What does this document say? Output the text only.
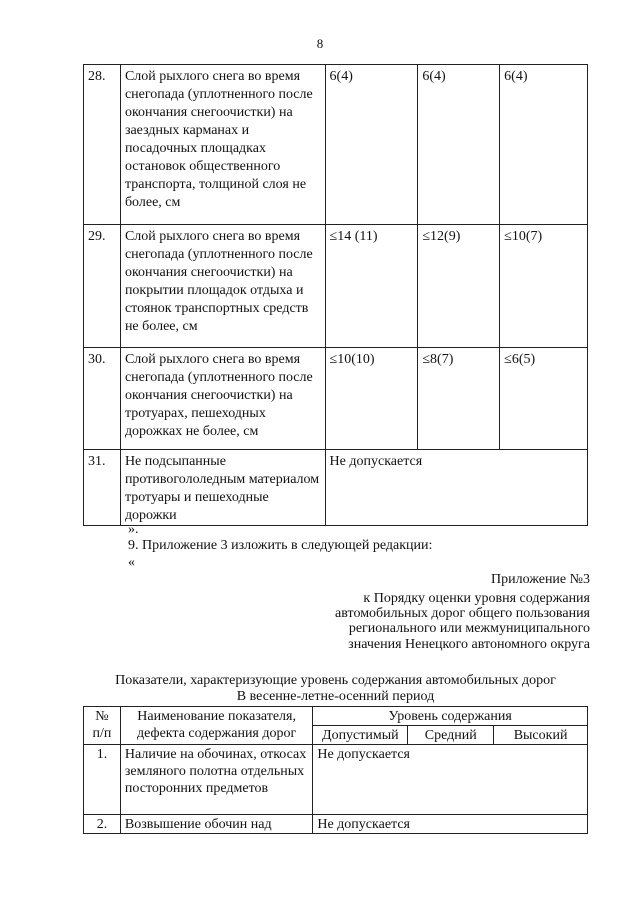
8
28.	Слой рыхлого снега во время снегопада (уплотненного после окончания снегоочистки) на заездных карманах и посадочных площадках остановок общественного транспорта, толщиной слоя не более, см	6(4)	6(4)	6(4)
29.	Слой рыхлого снега во время снегопада (уплотненного после окончания снегоочистки) на покрытии площадок отдыха и стоянок транспортных средств не более, см	≤14 (11)	≤12(9)	≤10(7)
30.	Слой рыхлого снега во время снегопада (уплотненного после окончания снегоочистки) на тротуарах, пешеходных дорожках не более, см	≤10(10)	≤8(7)	≤6(5)
31.	Не подсыпанные противогололедным материалом тротуары и пешеходные дорожки	Не допускается		
».
9. Приложение 3 изложить в следующей редакции:
«
Приложение №3
к Порядку оценки уровня содержания
автомобильных дорог общего пользования
регионального или межмуниципального
значения Ненецкого автономного округа
Показатели, характеризующие уровень содержания автомобильных дорог
В весенне-летне-осенний период
№ п/п	Наименование показателя, дефекта содержания дорог	Уровень содержания		
		Допустимый	Средний	Высокий
1.	Наличие на обочинах, откосах земляного полотна отдельных посторонних предметов	Не допускается		
2.	Возвышение обочин над	Не допускается		
